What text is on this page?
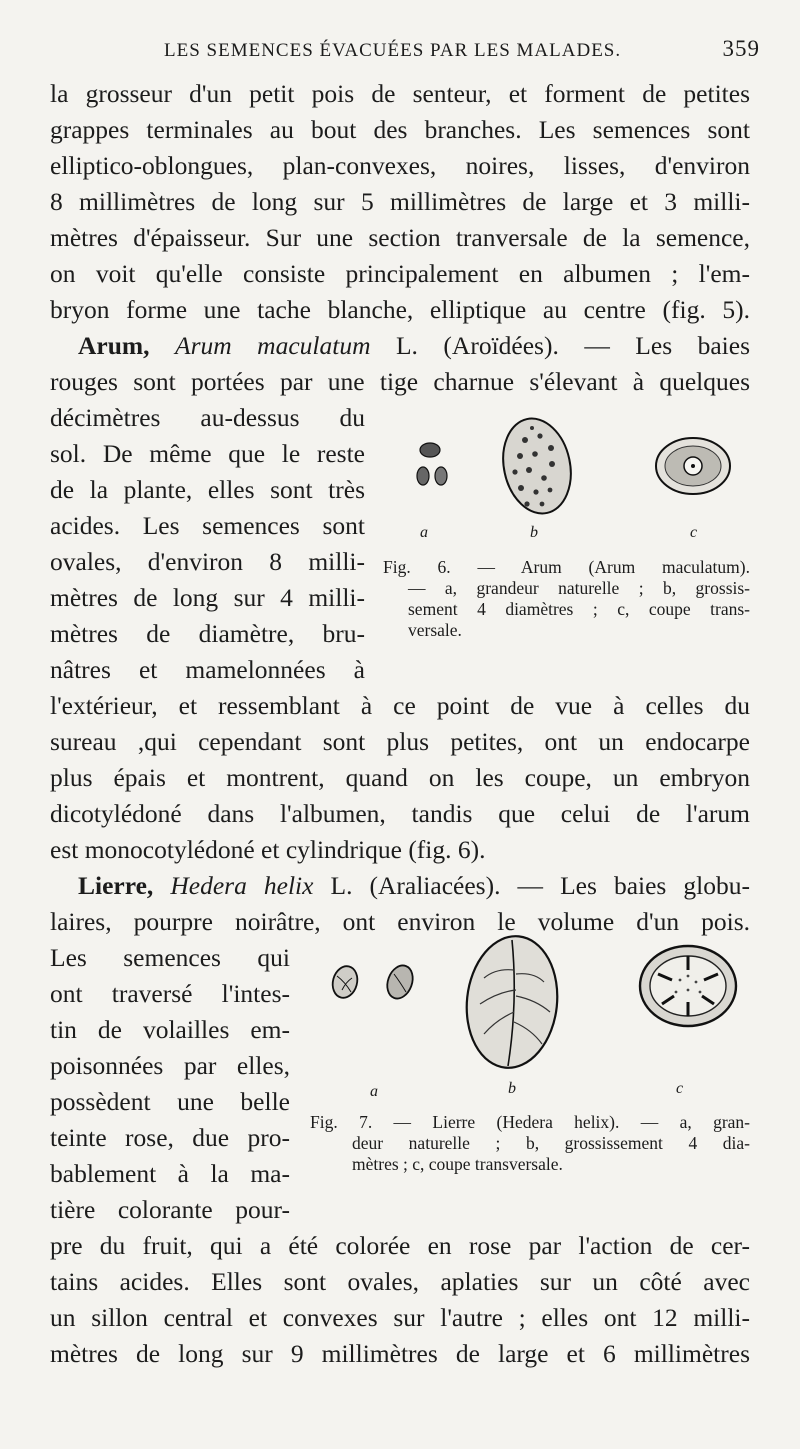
LES SEMENCES ÉVACUÉES PAR LES MALADES.	359
la grosseur d'un petit pois de senteur, et forment de petites
grappes terminales au bout des branches. Les semences sont
elliptico-oblongues, plan-convexes, noires, lisses, d'environ
8 millimètres de long sur 5 millimètres de large et 3 milli-
mètres d'épaisseur. Sur une section tranversale de la semence,
on voit qu'elle consiste principalement en albumen ; l'em-
bryon forme une tache blanche, elliptique au centre (fig. 5).
Arum, Arum maculatum L. (Aroïdées). — Les baies
rouges sont portées par une tige charnue s'élevant à quelques
décimètres au-dessus du
sol. De même que le reste
de la plante, elles sont très
acides. Les semences sont
ovales, d'environ 8 milli-
mètres de long sur 4 milli-
mètres de diamètre, bru-
nâtres et mamelonnées à
l'extérieur, et ressemblant à ce point de vue à celles du
sureau ,qui cependant sont plus petites, ont un endocarpe
plus épais et montrent, quand on les coupe, un embryon
dicotylédoné dans l'albumen, tandis que celui de l'arum
est monocotylédoné et cylindrique (fig. 6).
Lierre, Hedera helix L. (Araliacées). — Les baies globu-
laires, pourpre noirâtre, ont environ le volume d'un pois.
Les semences qui
ont traversé l'intes-
tin de volailles em-
poisonnées par elles,
possèdent une belle
teinte rose, due pro-
bablement à la ma-
tière colorante pour-
pre du fruit, qui a été colorée en rose par l'action de cer-
tains acides. Elles sont ovales, aplaties sur un côté avec
un sillon central et convexes sur l'autre ; elles ont 12 milli-
mètres de long sur 9 millimètres de large et 6 millimètres
a	b	c
Fig. 6. — Arum (Arum maculatum).
— a, grandeur naturelle ; b, grossis-
sement 4 diamètres ; c, coupe trans-
versale.
a	b	c
Fig. 7. — Lierre (Hedera helix). — a, gran-
deur naturelle ; b, grossissement 4 dia-
mètres ; c, coupe transversale.
